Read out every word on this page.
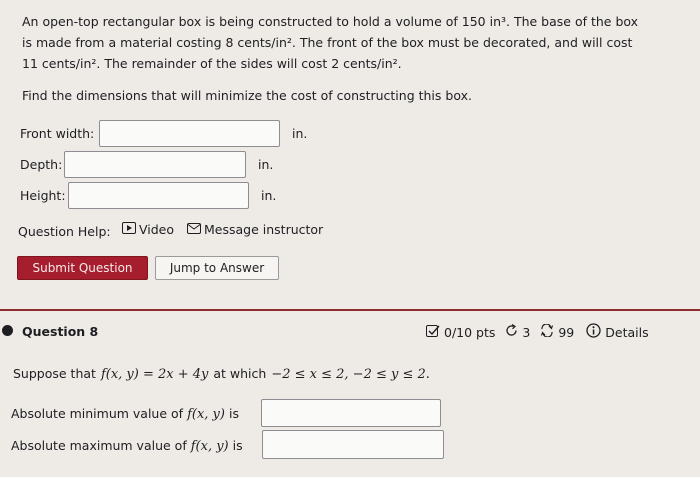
An open-top rectangular box is being constructed to hold a volume of 150 in³. The base of the box
is made from a material costing 8 cents/in². The front of the box must be decorated, and will cost
11 cents/in². The remainder of the sides will cost 2 cents/in².
Find the dimensions that will minimize the cost of constructing this box.
Front width:	in.
Depth:	in.
Height:	in.
Question Help: Video Message instructor
Submit Question	Jump to Answer
Question 8	0/10 pts 3 99 Details
Suppose that f(x, y) = 2x + 4y at which −2 ≤ x ≤ 2, −2 ≤ y ≤ 2.
Absolute minimum value of f(x, y) is
Absolute maximum value of f(x, y) is
